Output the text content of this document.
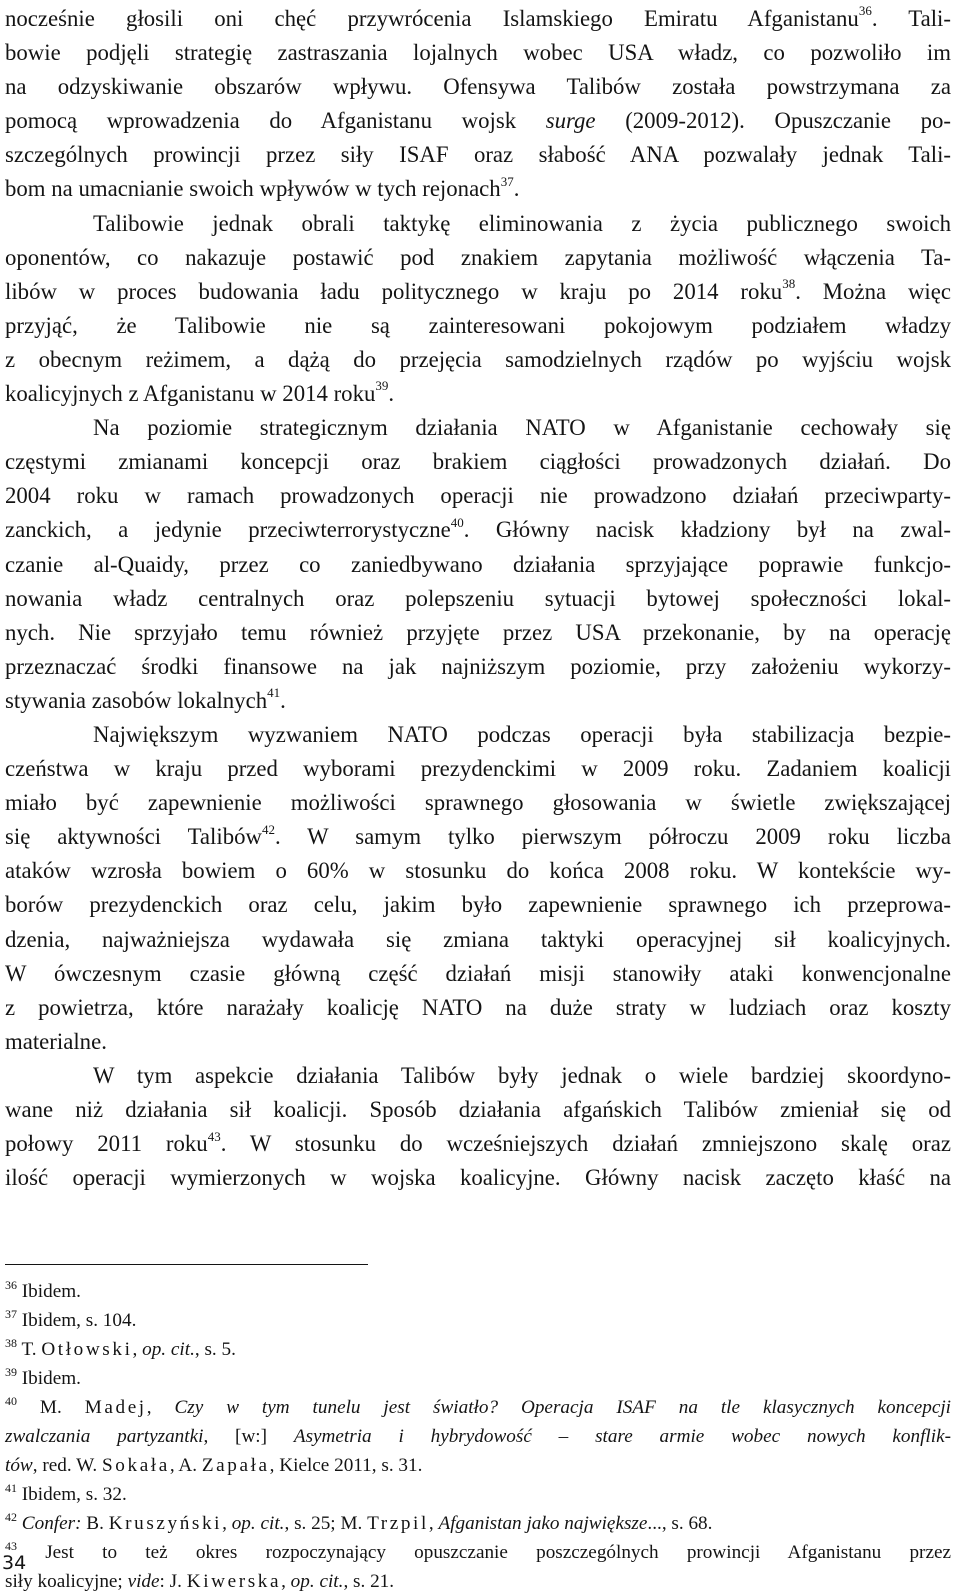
nocześnie głosili oni chęć przywrócenia Islamskiego Emiratu Afganistanu$^{36}$. Tali-
bowie podjęli strategię zastraszania lojalnych wobec USA władz, co pozwoliło im
na odzyskiwanie obszarów wpływu. Ofensywa Talibów została powstrzymana za
pomocą wprowadzenia do Afganistanu wojsk surge (2009-2012). Opuszczanie po-
szczególnych prowincji przez siły ISAF oraz słabość ANA pozwalały jednak Tali-
bom na umacnianie swoich wpływów w tych rejonach$^{37}$.
Talibowie jednak obrali taktykę eliminowania z życia publicznego swoich
oponentów, co nakazuje postawić pod znakiem zapytania możliwość włączenia Ta-
libów w proces budowania ładu politycznego w kraju po 2014 roku$^{38}$. Można więc
przyjąć, że Talibowie nie są zainteresowani pokojowym podziałem władzy
z obecnym reżimem, a dążą do przejęcia samodzielnych rządów po wyjściu wojsk
koalicyjnych z Afganistanu w 2014 roku$^{39}$.
Na poziomie strategicznym działania NATO w Afganistanie cechowały się
częstymi zmianami koncepcji oraz brakiem ciągłości prowadzonych działań. Do
2004 roku w ramach prowadzonych operacji nie prowadzono działań przeciwparty-
zanckich, a jedynie przeciwterrorystyczne$^{40}$. Główny nacisk kładziony był na zwal-
czanie al-Quaidy, przez co zaniedbywano działania sprzyjające poprawie funkcjo-
nowania władz centralnych oraz polepszeniu sytuacji bytowej społeczności lokal-
nych. Nie sprzyjało temu również przyjęte przez USA przekonanie, by na operację
przeznaczać środki finansowe na jak najniższym poziomie, przy założeniu wykorzy-
stywania zasobów lokalnych$^{41}$.
Największym wyzwaniem NATO podczas operacji była stabilizacja bezpie-
czeństwa w kraju przed wyborami prezydenckimi w 2009 roku. Zadaniem koalicji
miało być zapewnienie możliwości sprawnego głosowania w świetle zwiększającej
się aktywności Talibów$^{42}$. W samym tylko pierwszym półroczu 2009 roku liczba
ataków wzrosła bowiem o 60% w stosunku do końca 2008 roku. W kontekście wy-
borów prezydenckich oraz celu, jakim było zapewnienie sprawnego ich przeprowa-
dzenia, najważniejsza wydawała się zmiana taktyki operacyjnej sił koalicyjnych.
W ówczesnym czasie główną część działań misji stanowiły ataki konwencjonalne
z powietrza, które narażały koalicję NATO na duże straty w ludziach oraz koszty
materialne.
W tym aspekcie działania Talibów były jednak o wiele bardziej skoordyno-
wane niż działania sił koalicji. Sposób działania afgańskich Talibów zmieniał się od
połowy 2011 roku$^{43}$. W stosunku do wcześniejszych działań zmniejszono skalę oraz
ilość operacji wymierzonych w wojska koalicyjne. Główny nacisk zaczęto kłaść na
$^{36}$ Ibidem.
$^{37}$ Ibidem, s. 104.
$^{38}$ T. Otłowski, op. cit., s. 5.
$^{39}$ Ibidem.
$^{40}$ M. Madej, Czy w tym tunelu jest światło? Operacja ISAF na tle klasycznych koncepcji
zwalczania partyzantki, [w:] Asymetria i hybrydowość – stare armie wobec nowych konflik-
tów, red. W. Sokała, A. Zapała, Kielce 2011, s. 31.
$^{41}$ Ibidem, s. 32.
$^{42}$ Confer: B. Kruszyński, op. cit., s. 25; M. Trzpil, Afganistan jako największe..., s. 68.
$^{43}$ Jest to też okres rozpoczynający opuszczanie poszczególnych prowincji Afganistanu przez
siły koalicyjne; vide: J. Kiwerska, op. cit., s. 21.
34
